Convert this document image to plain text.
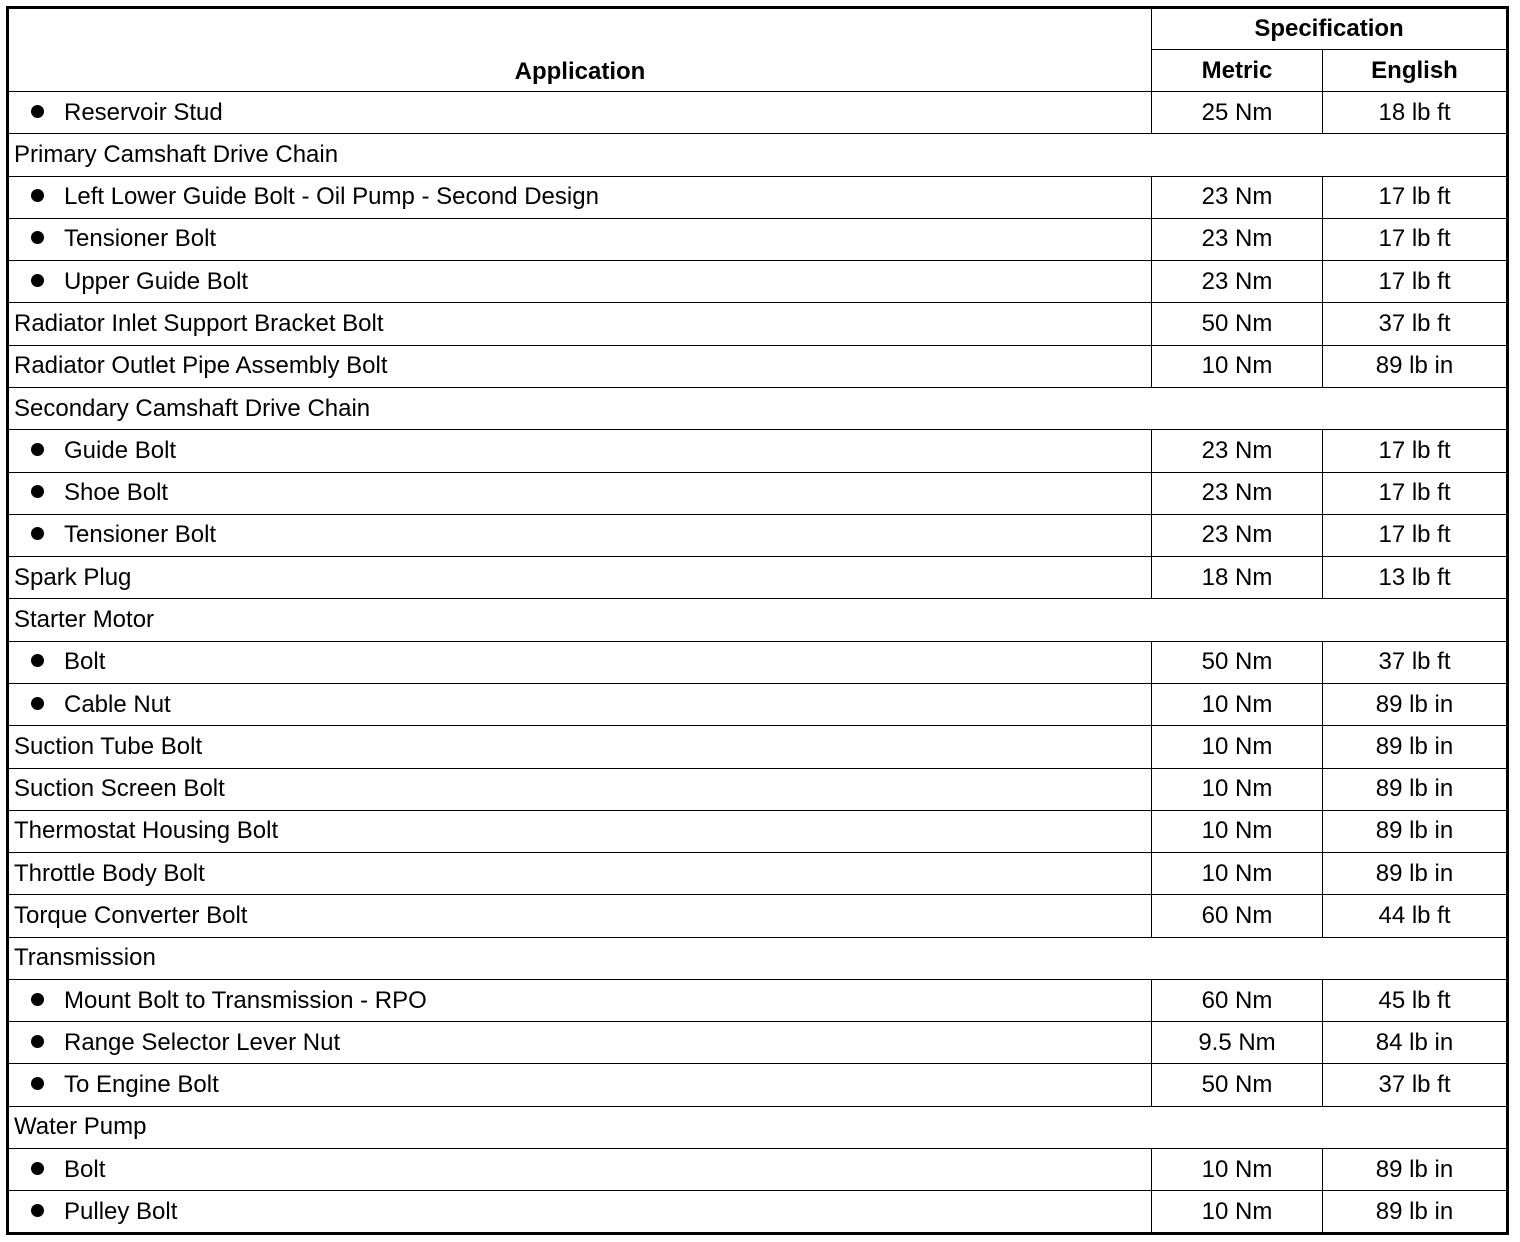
Application	Specification	
	Metric	English
Reservoir Stud	25 Nm	18 lb ft
Primary Camshaft Drive Chain		
Left Lower Guide Bolt - Oil Pump - Second Design	23 Nm	17 lb ft
Tensioner Bolt	23 Nm	17 lb ft
Upper Guide Bolt	23 Nm	17 lb ft
Radiator Inlet Support Bracket Bolt	50 Nm	37 lb ft
Radiator Outlet Pipe Assembly Bolt	10 Nm	89 lb in
Secondary Camshaft Drive Chain		
Guide Bolt	23 Nm	17 lb ft
Shoe Bolt	23 Nm	17 lb ft
Tensioner Bolt	23 Nm	17 lb ft
Spark Plug	18 Nm	13 lb ft
Starter Motor		
Bolt	50 Nm	37 lb ft
Cable Nut	10 Nm	89 lb in
Suction Tube Bolt	10 Nm	89 lb in
Suction Screen Bolt	10 Nm	89 lb in
Thermostat Housing Bolt	10 Nm	89 lb in
Throttle Body Bolt	10 Nm	89 lb in
Torque Converter Bolt	60 Nm	44 lb ft
Transmission		
Mount Bolt to Transmission - RPO	60 Nm	45 lb ft
Range Selector Lever Nut	9.5 Nm	84 lb in
To Engine Bolt	50 Nm	37 lb ft
Water Pump		
Bolt	10 Nm	89 lb in
Pulley Bolt	10 Nm	89 lb in
